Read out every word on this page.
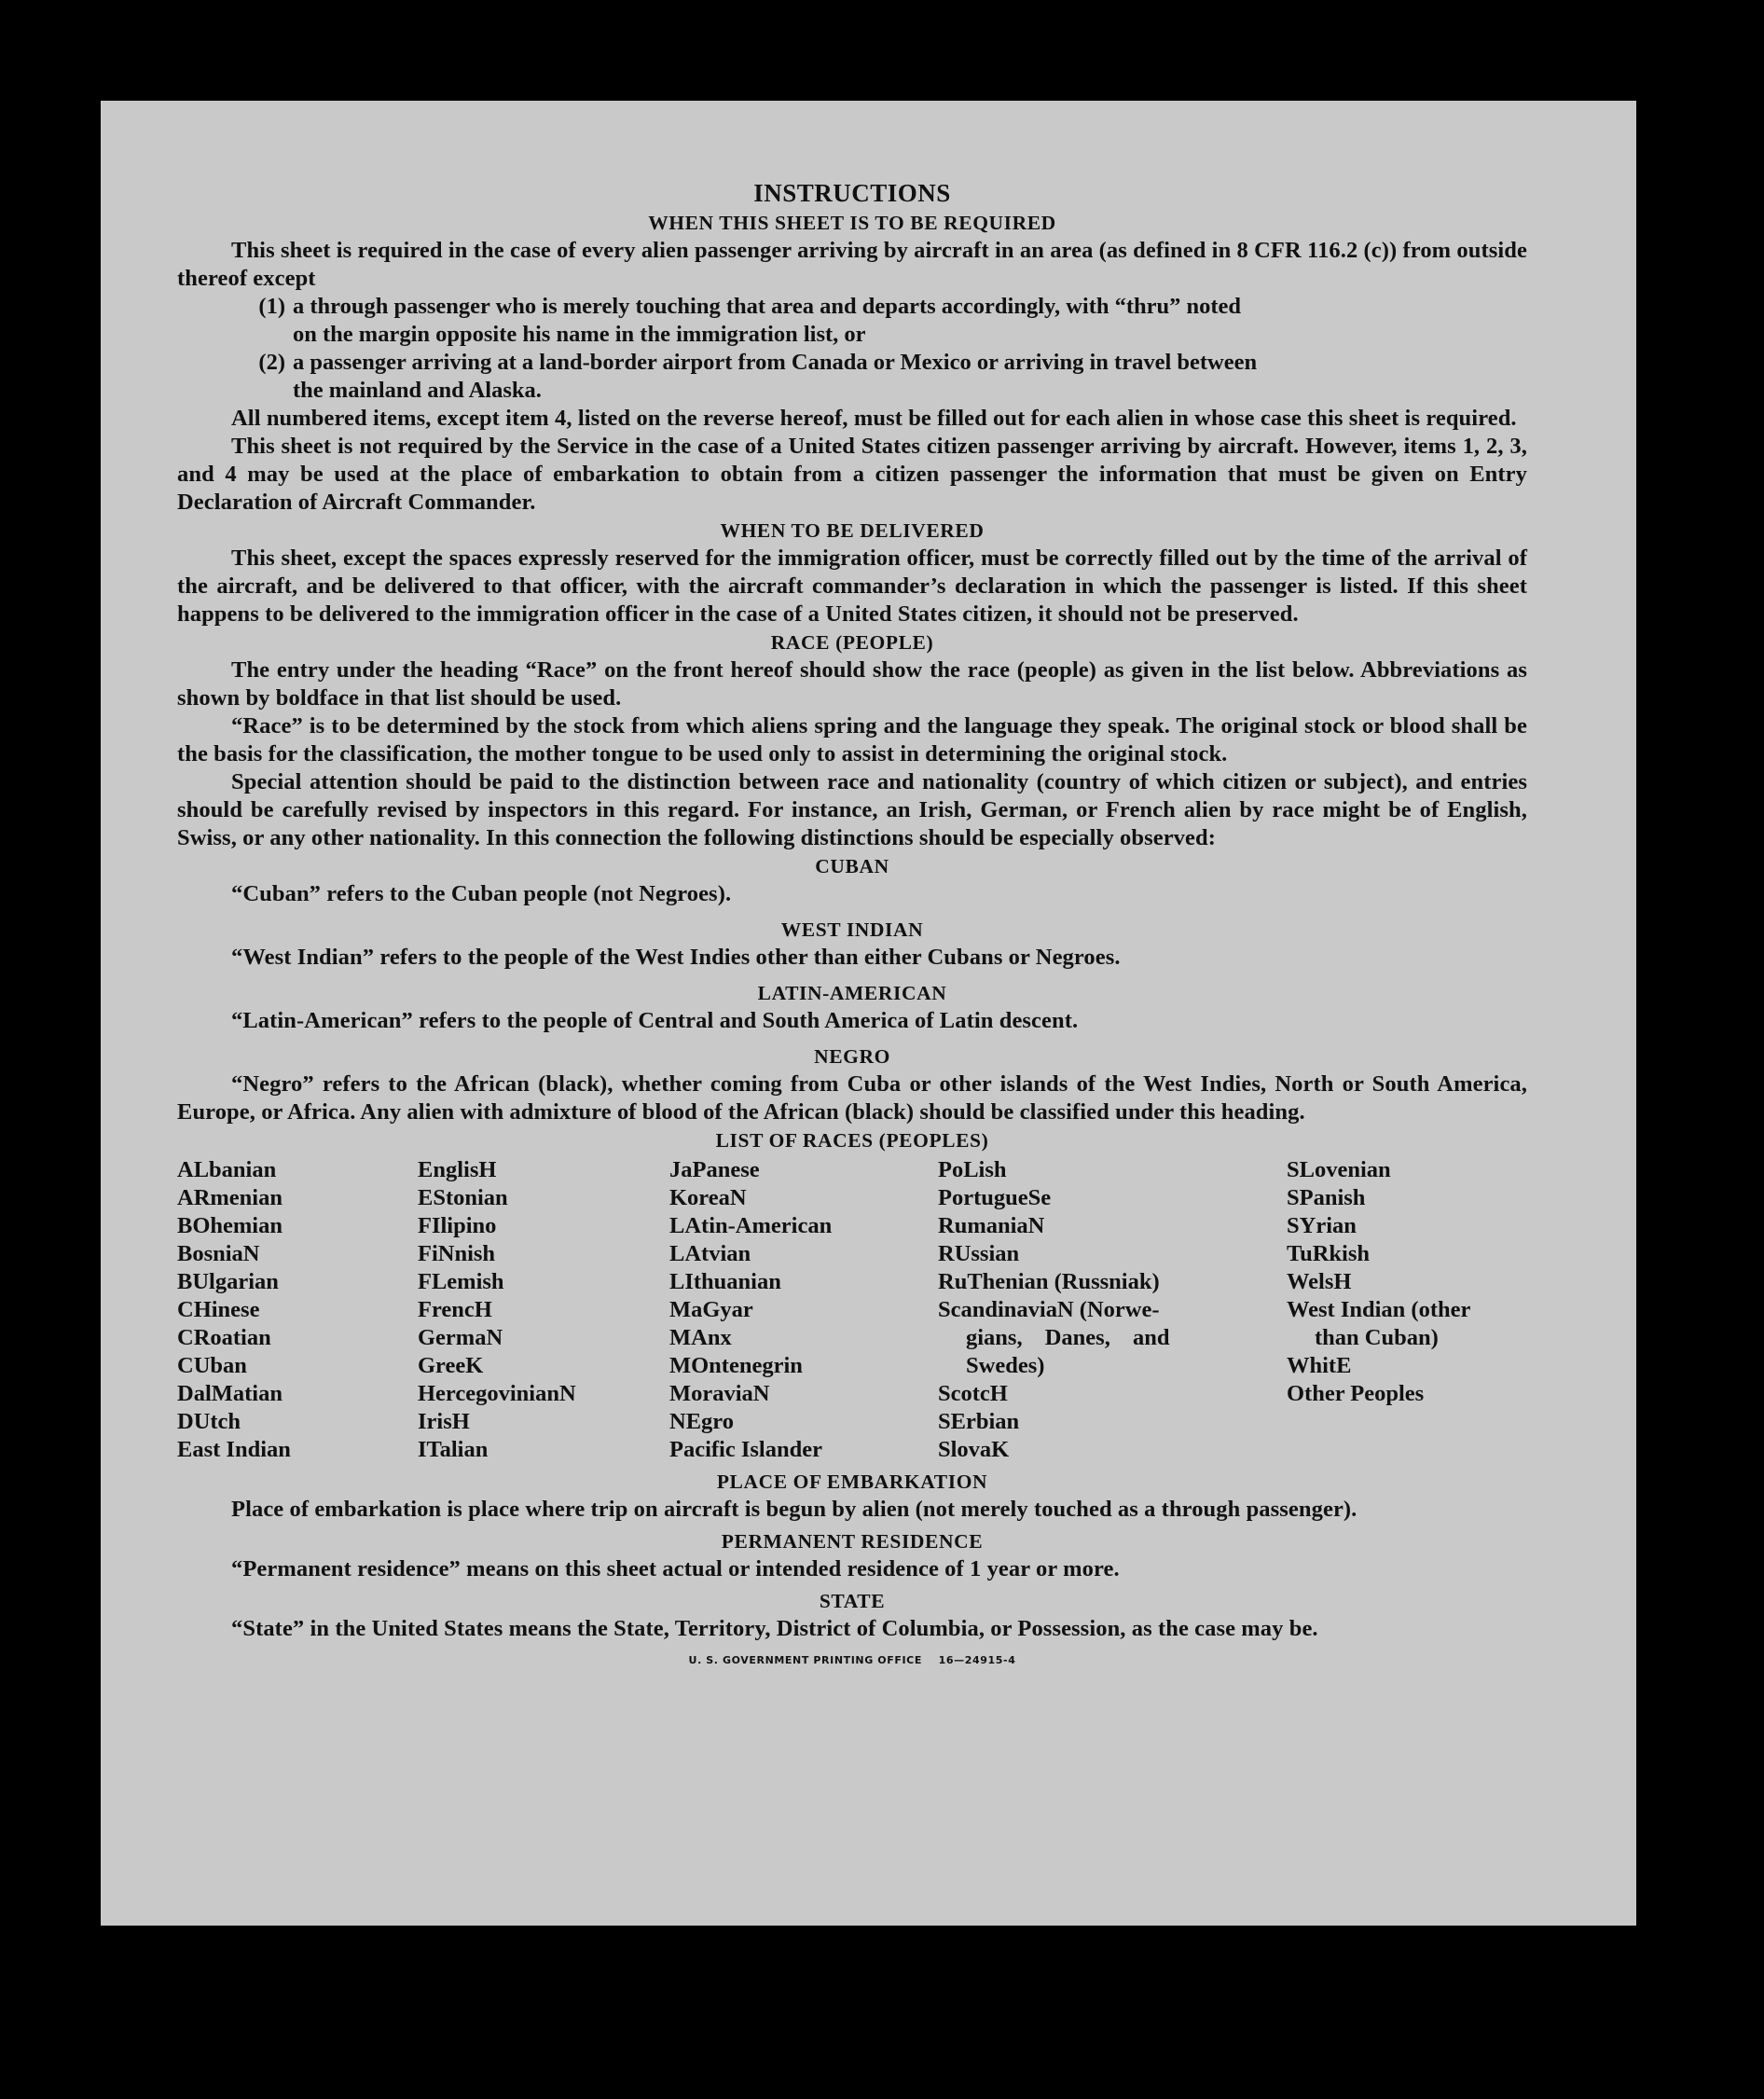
INSTRUCTIONS
WHEN THIS SHEET IS TO BE REQUIRED

This sheet is required in the case of every alien passenger arriving by aircraft in an area (as defined in 8 CFR 116.2 (c)) from outside thereof except

(1) a through passenger who is merely touching that area and departs accordingly, with “thru” noted
on the margin opposite his name in the immigration list, or
(2) a passenger arriving at a land-border airport from Canada or Mexico or arriving in travel between
the mainland and Alaska.

All numbered items, except item 4, listed on the reverse hereof, must be filled out for each alien in whose case this sheet is required.

This sheet is not required by the Service in the case of a United States citizen passenger arriving by aircraft. However, items 1, 2, 3, and 4 may be used at the place of embarkation to obtain from a citizen passenger the information that must be given on Entry Declaration of Aircraft Commander.

WHEN TO BE DELIVERED

This sheet, except the spaces expressly reserved for the immigration officer, must be correctly filled out by the time of the arrival of the aircraft, and be delivered to that officer, with the aircraft commander’s declaration in which the passenger is listed. If this sheet happens to be delivered to the immigration officer in the case of a United States citizen, it should not be preserved.

RACE (PEOPLE)

The entry under the heading “Race” on the front hereof should show the race (people) as given in the list below. Abbreviations as shown by boldface in that list should be used.

“Race” is to be determined by the stock from which aliens spring and the language they speak. The original stock or blood shall be the basis for the classification, the mother tongue to be used only to assist in determining the original stock.

Special attention should be paid to the distinction between race and nationality (country of which citizen or subject), and entries should be carefully revised by inspectors in this regard. For instance, an Irish, German, or French alien by race might be of English, Swiss, or any other nationality. In this connection the following distinctions should be especially observed:

CUBAN

“Cuban” refers to the Cuban people (not Negroes).

WEST INDIAN

“West Indian” refers to the people of the West Indies other than either Cubans or Negroes.

LATIN-AMERICAN

“Latin-American” refers to the people of Central and South America of Latin descent.

NEGRO

“Negro” refers to the African (black), whether coming from Cuba or other islands of the West Indies, North or South America, Europe, or Africa. Any alien with admixture of blood of the African (black) should be classified under this heading.

LIST OF RACES (PEOPLES)
ALbanian
ARmenian
BOhemian
BosniaN
BUlgarian
CHinese
CRoatian
CUban
DalMatian
DUtch
East Indian
EnglisH
EStonian
FIlipino
FiNnish
FLemish
FrencH
GermaN
GreeK
HercegovinianN
IrisH
ITalian
JaPanese
KoreaN
LAtin-American
LAtvian
LIthuanian
MaGyar
MAnx
MOntenegrin
MoraviaN
NEgro
Pacific Islander
PoLish
PortugueSe
RumaniaN
RUssian
RuThenian (Russniak)
ScandinaviaN (Norwe-
gians, Danes, and
Swedes)
ScotcH
SErbian
SlovaK
SLovenian
SPanish
SYrian
TuRkish
WelsH
West Indian (other
than Cuban)
WhitE
Other Peoples
PLACE OF EMBARKATION

Place of embarkation is place where trip on aircraft is begun by alien (not merely touched as a through passenger).

PERMANENT RESIDENCE

“Permanent residence” means on this sheet actual or intended residence of 1 year or more.

STATE

“State” in the United States means the State, Territory, District of Columbia, or Possession, as the case may be.

U. S. GOVERNMENT PRINTING OFFICE    16—24915-4
